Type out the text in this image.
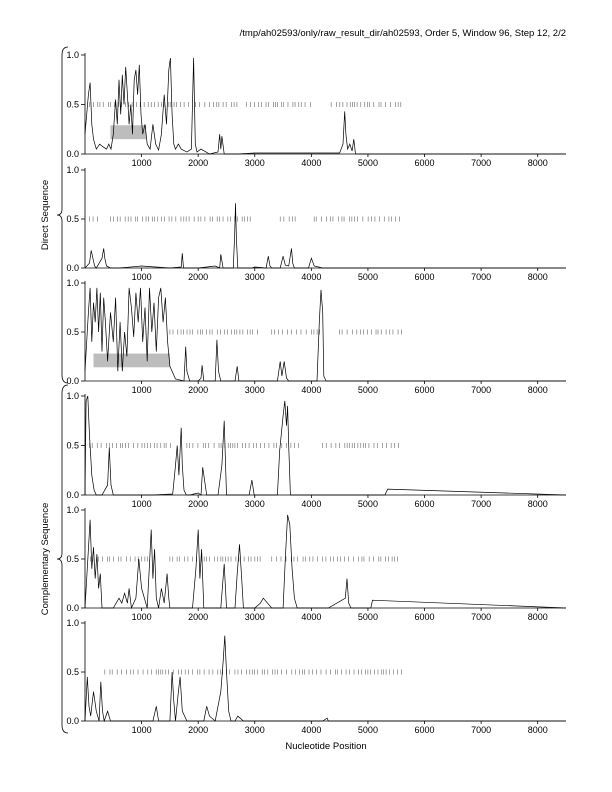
/tmp/ah02593/only/raw_result_dir/ah02593, Order 5, Window 96, Step 12, 2/2
0.0
0.5
1.0
1000	2000	3000	4000	5000	6000	7000	8000
0.0
0.5
1.0
1000	2000	3000	4000	5000	6000	7000	8000
0.0
0.5
1.0
1000	2000	3000	4000	5000	6000	7000	8000
0.0
0.5
1.0
1000	2000	3000	4000	5000	6000	7000	8000
0.0
0.5
1.0
1000	2000	3000	4000	5000	6000	7000	8000
0.0
0.5
1.0
1000	2000	3000	4000	5000	6000	7000	8000
Direct Sequence
Complementary Sequence
Nucleotide Position
